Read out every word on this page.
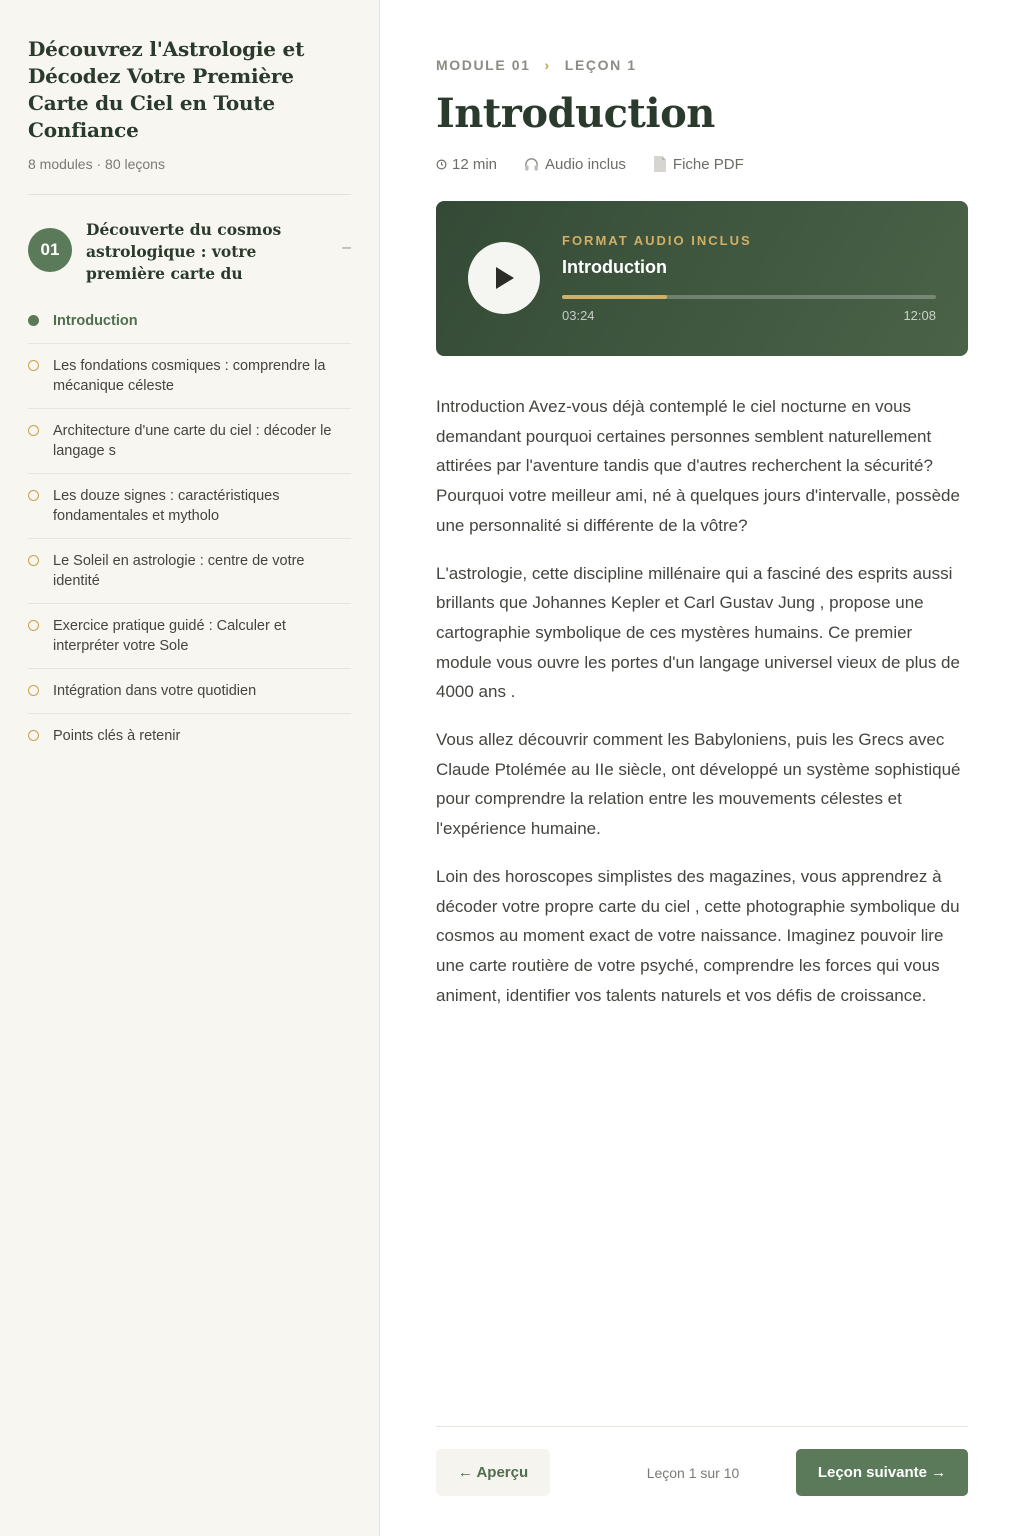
Découvrez l'Astrologie et Décodez Votre Première Carte du Ciel en Toute Confiance
8 modules · 80 leçons
01
Découverte du cosmos astrologique : votre première carte du
–
Introduction
Les fondations cosmiques : comprendre la mécanique céleste
Architecture d'une carte du ciel : décoder le langage s
Les douze signes : caractéristiques fondamentales et mytholo
Le Soleil en astrologie : centre de votre identité
Exercice pratique guidé : Calculer et interpréter votre Sole
Intégration dans votre quotidien
Points clés à retenir
MODULE 01 › LEÇON 1
Introduction
12 min	Audio inclus	Fiche PDF
FORMAT AUDIO INCLUS
Introduction
03:24	12:08

Introduction Avez-vous déjà contemplé le ciel nocturne en vous demandant pourquoi certaines personnes semblent naturellement attirées par l'aventure tandis que d'autres recherchent la sécurité? Pourquoi votre meilleur ami, né à quelques jours d'intervalle, possède une personnalité si différente de la vôtre?

L'astrologie, cette discipline millénaire qui a fasciné des esprits aussi brillants que Johannes Kepler et Carl Gustav Jung , propose une cartographie symbolique de ces mystères humains. Ce premier module vous ouvre les portes d'un langage universel vieux de plus de 4000 ans .

Vous allez découvrir comment les Babyloniens, puis les Grecs avec Claude Ptolémée au IIe siècle, ont développé un système sophistiqué pour comprendre la relation entre les mouvements célestes et l'expérience humaine.

Loin des horoscopes simplistes des magazines, vous apprendrez à décoder votre propre carte du ciel , cette photographie symbolique du cosmos au moment exact de votre naissance. Imaginez pouvoir lire une carte routière de votre psyché, comprendre les forces qui vous animent, identifier vos talents naturels et vos défis de croissance.

← Aperçu	Leçon 1 sur 10	Leçon suivante →
